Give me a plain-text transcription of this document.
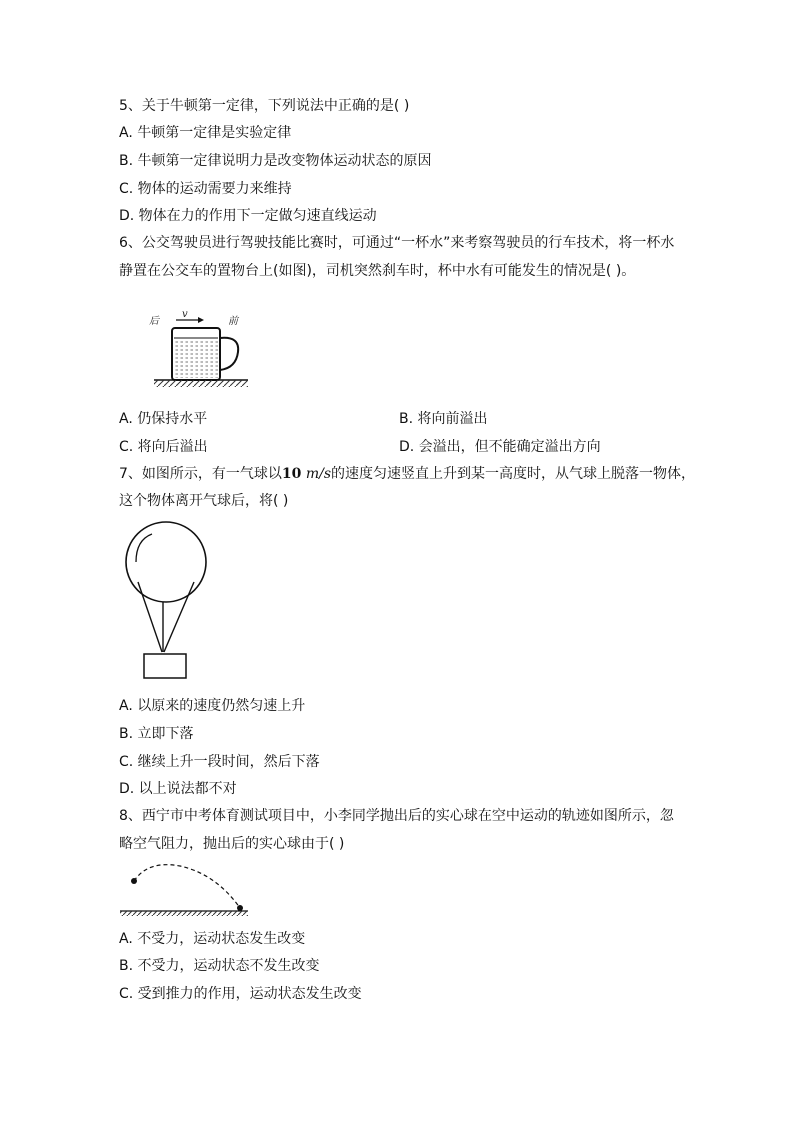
5、关于牛顿第一定律，下列说法中正确的是( )
A. 牛顿第一定律是实验定律
B. 牛顿第一定律说明力是改变物体运动状态的原因
C. 物体的运动需要力来维持
D. 物体在力的作用下一定做匀速直线运动
6、公交驾驶员进行驾驶技能比赛时，可通过“一杯水”来考察驾驶员的行车技术，将一杯水静置在公交车的置物台上(如图)，司机突然刹车时，杯中水有可能发生的情况是( )。
后
v
前
A. 仍保持水平	B. 将向前溢出
C. 将向后溢出	D. 会溢出，但不能确定溢出方向
7、如图所示，有一气球以10 m/s的速度匀速竖直上升到某一高度时，从气球上脱落一物体，
这个物体离开气球后，将( )
A. 以原来的速度仍然匀速上升
B. 立即下落
C. 继续上升一段时间，然后下落
D. 以上说法都不对
8、西宁市中考体育测试项目中，小李同学抛出后的实心球在空中运动的轨迹如图所示，忽略空气阻力，抛出后的实心球由于( )
A. 不受力，运动状态发生改变
B. 不受力，运动状态不发生改变
C. 受到推力的作用，运动状态发生改变
